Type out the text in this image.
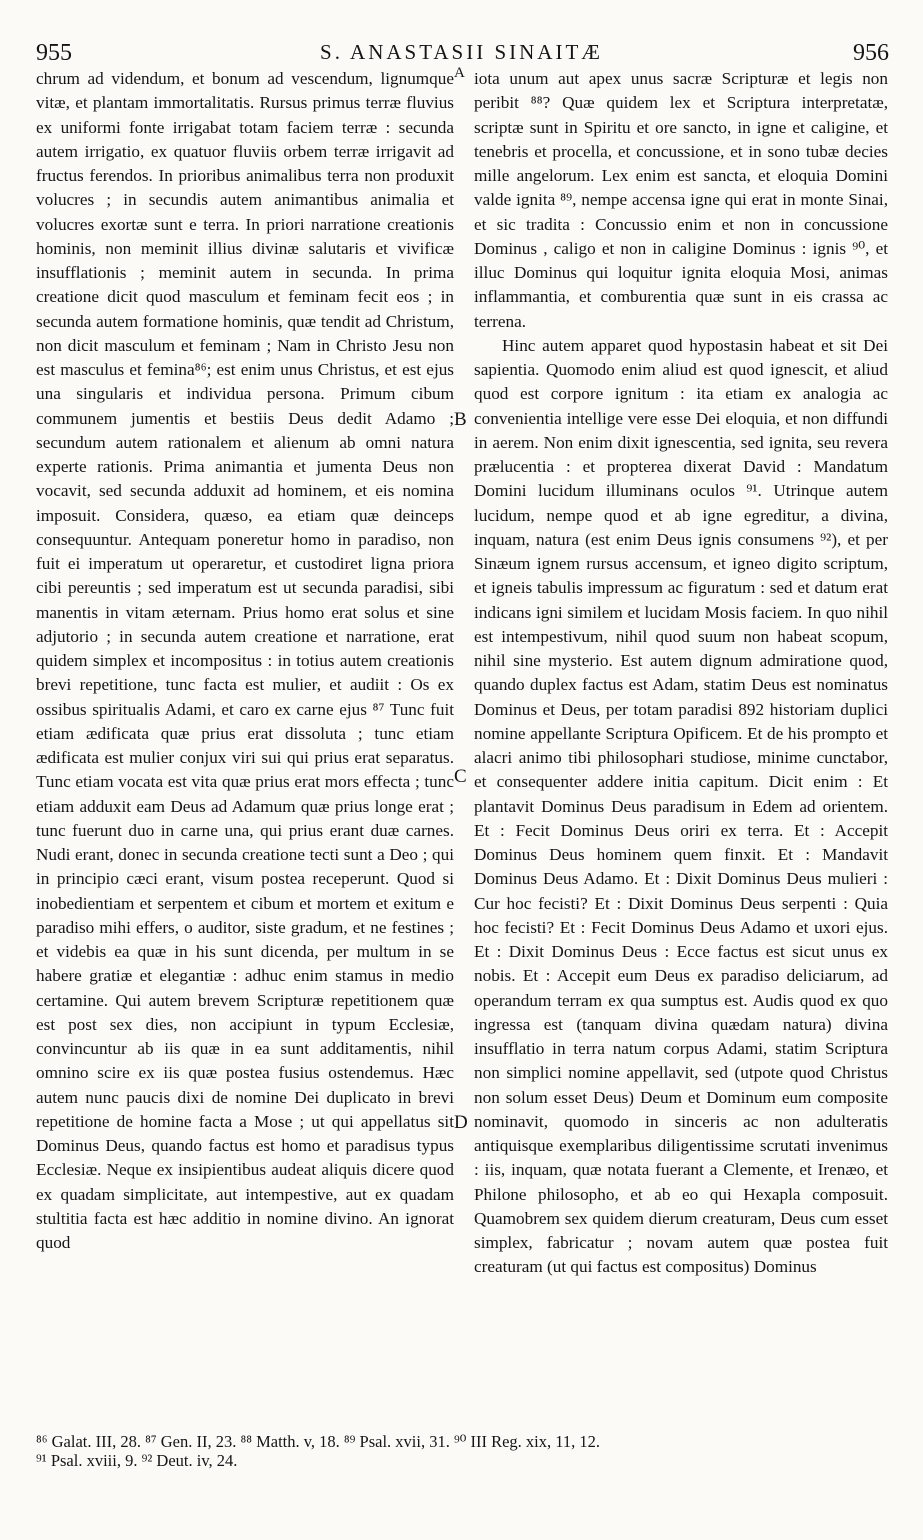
955	S. ANASTASII SINAITÆ	956

chrum ad videndum, et bonum ad vescendum, lignumque vitæ, et plantam immortalitatis. Rursus primus terræ fluvius ex uniformi fonte irrigabat totam faciem terræ : secunda autem irrigatio, ex quatuor fluviis orbem terræ irrigavit ad fructus ferendos. In prioribus animalibus terra non produxit volucres ; in secundis autem animantibus animalia et volucres exortæ sunt e terra. In priori narratione creationis hominis, non meminit illius divinæ salutaris et vivificæ insufflationis ; meminit autem in secunda. In prima creatione dicit quod masculum et feminam fecit eos ; in secunda autem formatione hominis, quæ tendit ad Christum, non dicit masculum et feminam ; Nam in Christo Jesu non est masculus et femina⁸⁶; est enim unus Christus, et est ejus una singularis et individua persona. Primum cibum communem jumentis et bestiis Deus dedit Adamo ; secundum autem rationalem et alienum ab omni natura experte rationis. Prima animantia et jumenta Deus non vocavit, sed secunda adduxit ad hominem, et eis nomina imposuit. Considera, quæso, ea etiam quæ deinceps consequuntur. Antequam poneretur homo in paradiso, non fuit ei imperatum ut operaretur, et custodiret ligna priora cibi pereuntis ; sed imperatum est ut secunda paradisi, sibi manentis in vitam æternam. Prius homo erat solus et sine adjutorio ; in secunda autem creatione et narratione, erat quidem simplex et incompositus : in totius autem creationis brevi repetitione, tunc facta est mulier, et audiit : Os ex ossibus spiritualis Adami, et caro ex carne ejus ⁸⁷ Tunc fuit etiam ædificata quæ prius erat dissoluta ; tunc etiam ædificata est mulier conjux viri sui qui prius erat separatus. Tunc etiam vocata est vita quæ prius erat mors effecta ; tunc etiam adduxit eam Deus ad Adamum quæ prius longe erat ; tunc fuerunt duo in carne una, qui prius erant duæ carnes. Nudi erant, donec in secunda creatione tecti sunt a Deo ; qui in principio cæci erant, visum postea receperunt. Quod si inobedientiam et serpentem et cibum et mortem et exitum e paradiso mihi effers, o auditor, siste gradum, et ne festines ; et videbis ea quæ in his sunt dicenda, per multum in se habere gratiæ et elegantiæ : adhuc enim stamus in medio certamine. Qui autem brevem Scripturæ repetitionem quæ est post sex dies, non accipiunt in typum Ecclesiæ, convincuntur ab iis quæ in ea sunt additamentis, nihil omnino scire ex iis quæ postea fusius ostendemus. Hæc autem nunc paucis dixi de nomine Dei duplicato in brevi repetitione de homine facta a Mose ; ut qui appellatus sit Dominus Deus, quando factus est homo et paradisus typus Ecclesiæ. Neque ex insipientibus audeat aliquis dicere quod ex quadam simplicitate, aut intempestive, aut ex quadam stultitia facta est hæc additio in nomine divino. An ignorat quod

A
B
C
D

iota unum aut apex unus sacræ Scripturæ et legis non peribit ⁸⁸? Quæ quidem lex et Scriptura interpretatæ, scriptæ sunt in Spiritu et ore sancto, in igne et caligine, et tenebris et procella, et concussione, et in sono tubæ decies mille angelorum. Lex enim est sancta, et eloquia Domini valde ignita ⁸⁹, nempe accensa igne qui erat in monte Sinai, et sic tradita : Concussio enim et non in concussione Dominus , caligo et non in caligine Dominus : ignis ⁹⁰, et illuc Dominus qui loquitur ignita eloquia Mosi, animas inflammantia, et comburentia quæ sunt in eis crassa ac terrena.

Hinc autem apparet quod hypostasin habeat et sit Dei sapientia. Quomodo enim aliud est quod ignescit, et aliud quod est corpore ignitum : ita etiam ex analogia ac convenientia intellige vere esse Dei eloquia, et non diffundi in aerem. Non enim dixit ignescentia, sed ignita, seu revera prælucentia : et propterea dixerat David : Mandatum Domini lucidum illuminans oculos ⁹¹. Utrinque autem lucidum, nempe quod et ab igne egreditur, a divina, inquam, natura (est enim Deus ignis consumens ⁹²), et per Sinæum ignem rursus accensum, et igneo digito scriptum, et igneis tabulis impressum ac figuratum : sed et datum erat indicans igni similem et lucidam Mosis faciem. In quo nihil est intempestivum, nihil quod suum non habeat scopum, nihil sine mysterio. Est autem dignum admiratione quod, quando duplex factus est Adam, statim Deus est nominatus Dominus et Deus, per totam paradisi 892 historiam duplici nomine appellante Scriptura Opificem. Et de his prompto et alacri animo tibi philosophari studiose, minime cunctabor, et consequenter addere initia capitum. Dicit enim : Et plantavit Dominus Deus paradisum in Edem ad orientem. Et : Fecit Dominus Deus oriri ex terra. Et : Accepit Dominus Deus hominem quem finxit. Et : Mandavit Dominus Deus Adamo. Et : Dixit Dominus Deus mulieri : Cur hoc fecisti? Et : Dixit Dominus Deus serpenti : Quia hoc fecisti? Et : Fecit Dominus Deus Adamo et uxori ejus. Et : Dixit Dominus Deus : Ecce factus est sicut unus ex nobis. Et : Accepit eum Deus ex paradiso deliciarum, ad operandum terram ex qua sumptus est. Audis quod ex quo ingressa est (tanquam divina quædam natura) divina insufflatio in terra natum corpus Adami, statim Scriptura non simplici nomine appellavit, sed (utpote quod Christus non solum esset Deus) Deum et Dominum eum composite nominavit, quomodo in sinceris ac non adulteratis antiquisque exemplaribus diligentissime scrutati invenimus : iis, inquam, quæ notata fuerant a Clemente, et Irenæo, et Philone philosopho, et ab eo qui Hexapla composuit. Quamobrem sex quidem dierum creaturam, Deus cum esset simplex, fabricatur ; novam autem quæ postea fuit creaturam (ut qui factus est compositus) Dominus

⁸⁶ Galat. III, 28. ⁸⁷ Gen. II, 23. ⁸⁸ Matth. v, 18. ⁸⁹ Psal. xvii, 31. ⁹⁰ III Reg. xix, 11, 12.
⁹¹ Psal. xviii, 9. ⁹² Deut. iv, 24.
